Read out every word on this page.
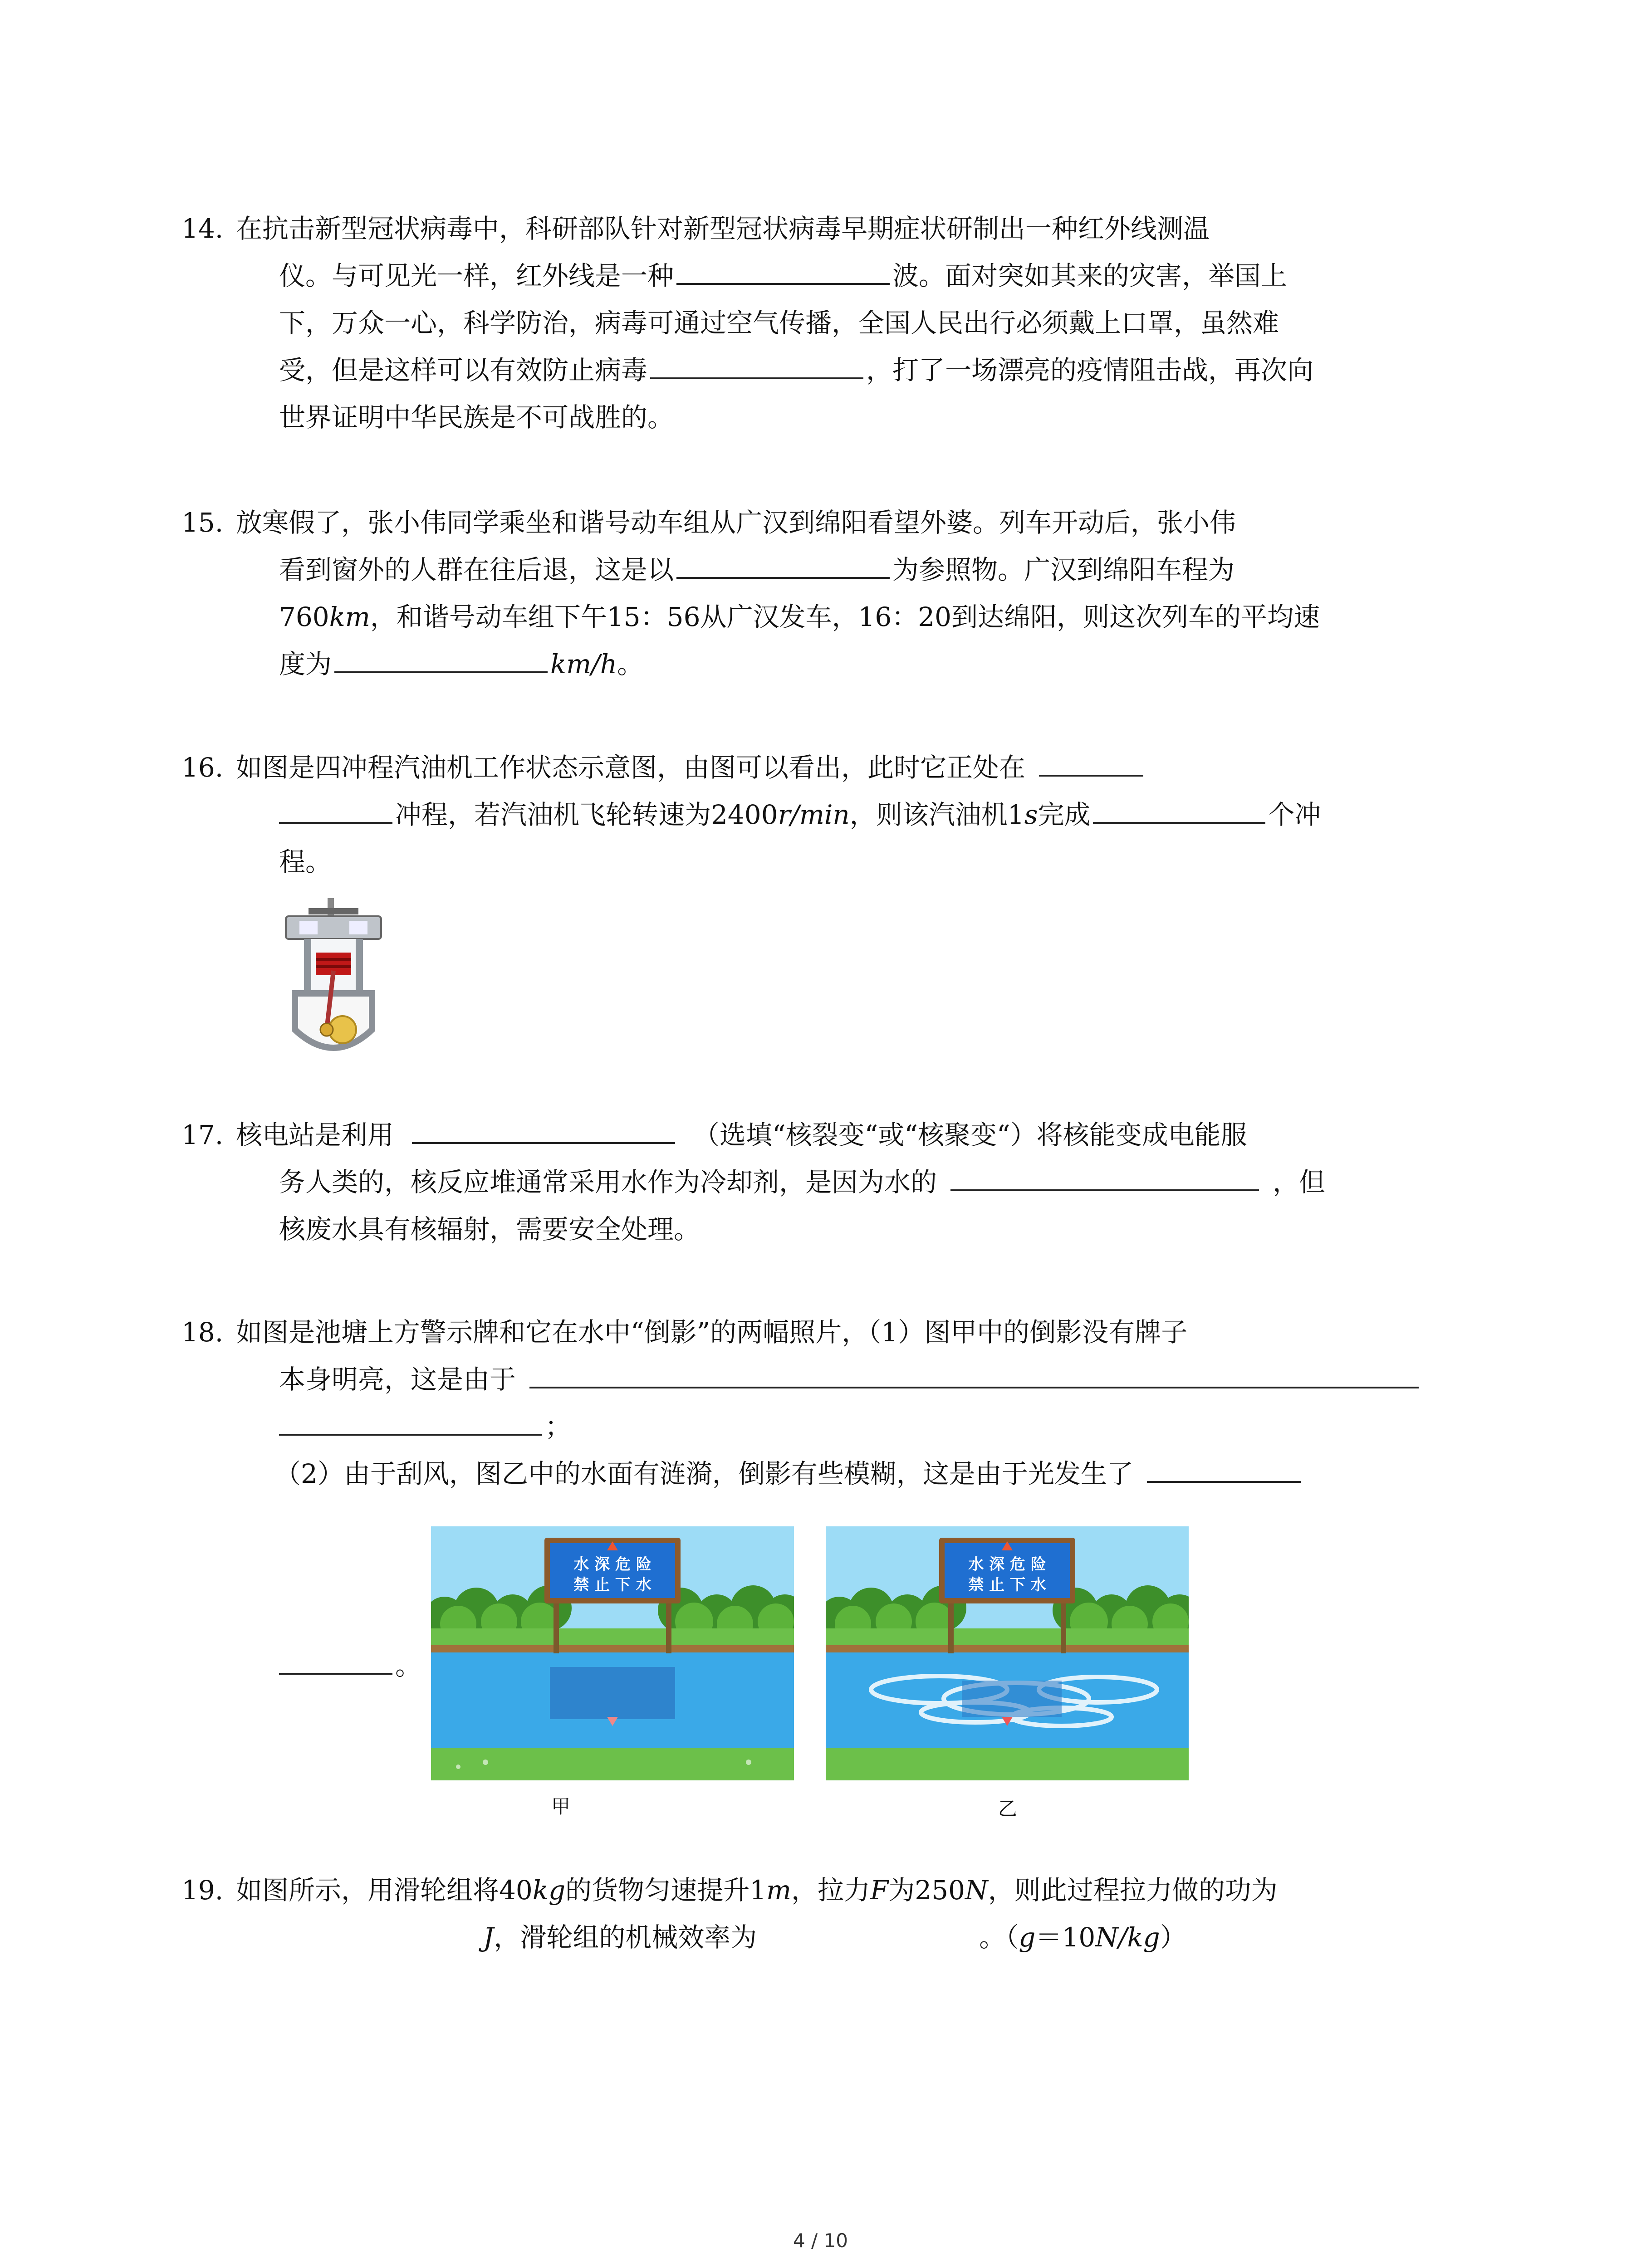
14. 在抗击新型冠状病毒中，科研部队针对新型冠状病毒早期症状研制出一种红外线测温

仪。与可见光一样，红外线是一种	波。面对突如其来的灾害，举国上

下，万众一心，科学防治，病毒可通过空气传播，全国人民出行必须戴上口罩，虽然难

受，但是这样可以有效防止病毒	，打了一场漂亮的疫情阻击战，再次向

世界证明中华民族是不可战胜的。

15. 放寒假了，张小伟同学乘坐和谐号动车组从广汉到绵阳看望外婆。列车开动后，张小伟

看到窗外的人群在往后退，这是以	为参照物。广汉到绵阳车程为

760km，和谐号动车组下午15：56从广汉发车，16：20到达绵阳，则这次列车的平均速

度为	km/h。

16. 如图是四冲程汽油机工作状态示意图，由图可以看出，此时它正处在

冲程，若汽油机飞轮转速为2400r/min，则该汽油机1s完成	个冲

程。

17. 核电站是利用	（选填“核裂变“或“核聚变“）将核能变成电能服

务人类的，核反应堆通常采用水作为冷却剂，是因为水的	，但

核废水具有核辐射，需要安全处理。

18. 如图是池塘上方警示牌和它在水中“倒影”的两幅照片，（1）图甲中的倒影没有牌子

本身明亮，这是由于

；

（2）由于刮风，图乙中的水面有涟漪，倒影有些模糊，这是由于光发生了

。

水 深 危 险
禁 止 下 水
水 深 危 险
禁 止 下 水
甲	乙
19. 如图所示，用滑轮组将40kg的货物匀速提升1m，拉力F为250N，则此过程拉力做的功为

J，滑轮组的机械效率为	。（g＝10N/kg）

4 / 10
